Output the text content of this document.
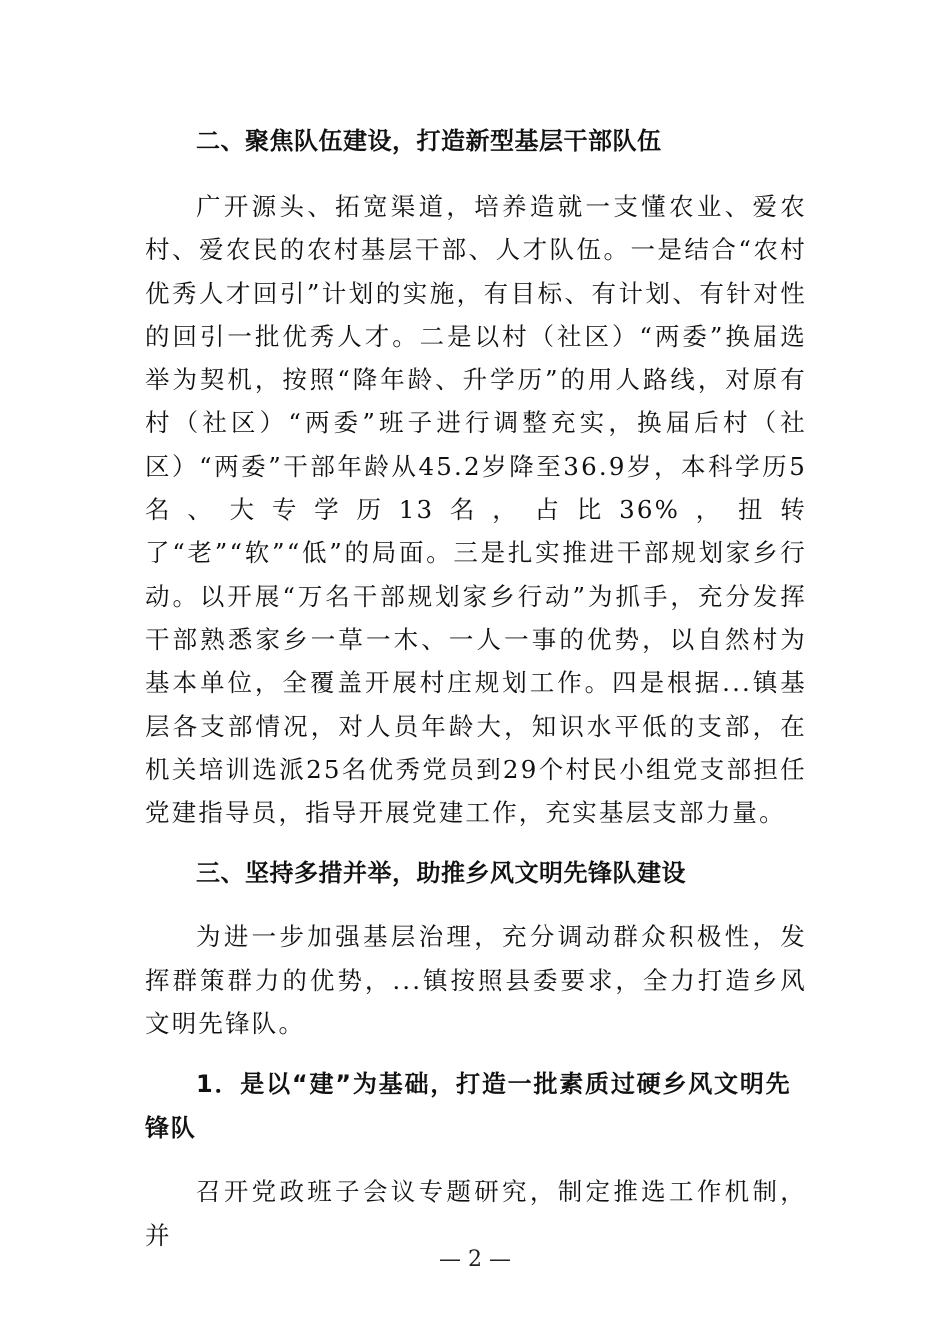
二、聚焦队伍建设，打造新型基层干部队伍

广开源头、拓宽渠道，培养造就一支懂农业、爱农村、爱农民的农村基层干部、人才队伍。一是结合“农村优秀人才回引”计划的实施，有目标、有计划、有针对性的回引一批优秀人才。二是以村（社区）“两委”换届选举为契机，按照“降年龄、升学历”的用人路线，对原有村（社区）“两委”班子进行调整充实，换届后村（社区）“两委”干部年龄从45.2岁降至36.9岁，本科学历5名、大专学历13名，占比36%，扭转了“老”“软”“低”的局面。三是扎实推进干部规划家乡行动。以开展“万名干部规划家乡行动”为抓手，充分发挥干部熟悉家乡一草一木、一人一事的优势，以自然村为基本单位，全覆盖开展村庄规划工作。四是根据...镇基层各支部情况，对人员年龄大，知识水平低的支部，在机关培训选派25名优秀党员到29个村民小组党支部担任党建指导员，指导开展党建工作，充实基层支部力量。

三、坚持多措并举，助推乡风文明先锋队建设

为进一步加强基层治理，充分调动群众积极性，发挥群策群力的优势，...镇按照县委要求，全力打造乡风文明先锋队。

1．是以“建”为基础，打造一批素质过硬乡风文明先锋队

召开党政班子会议专题研究，制定推选工作机制，并

— 2 —
